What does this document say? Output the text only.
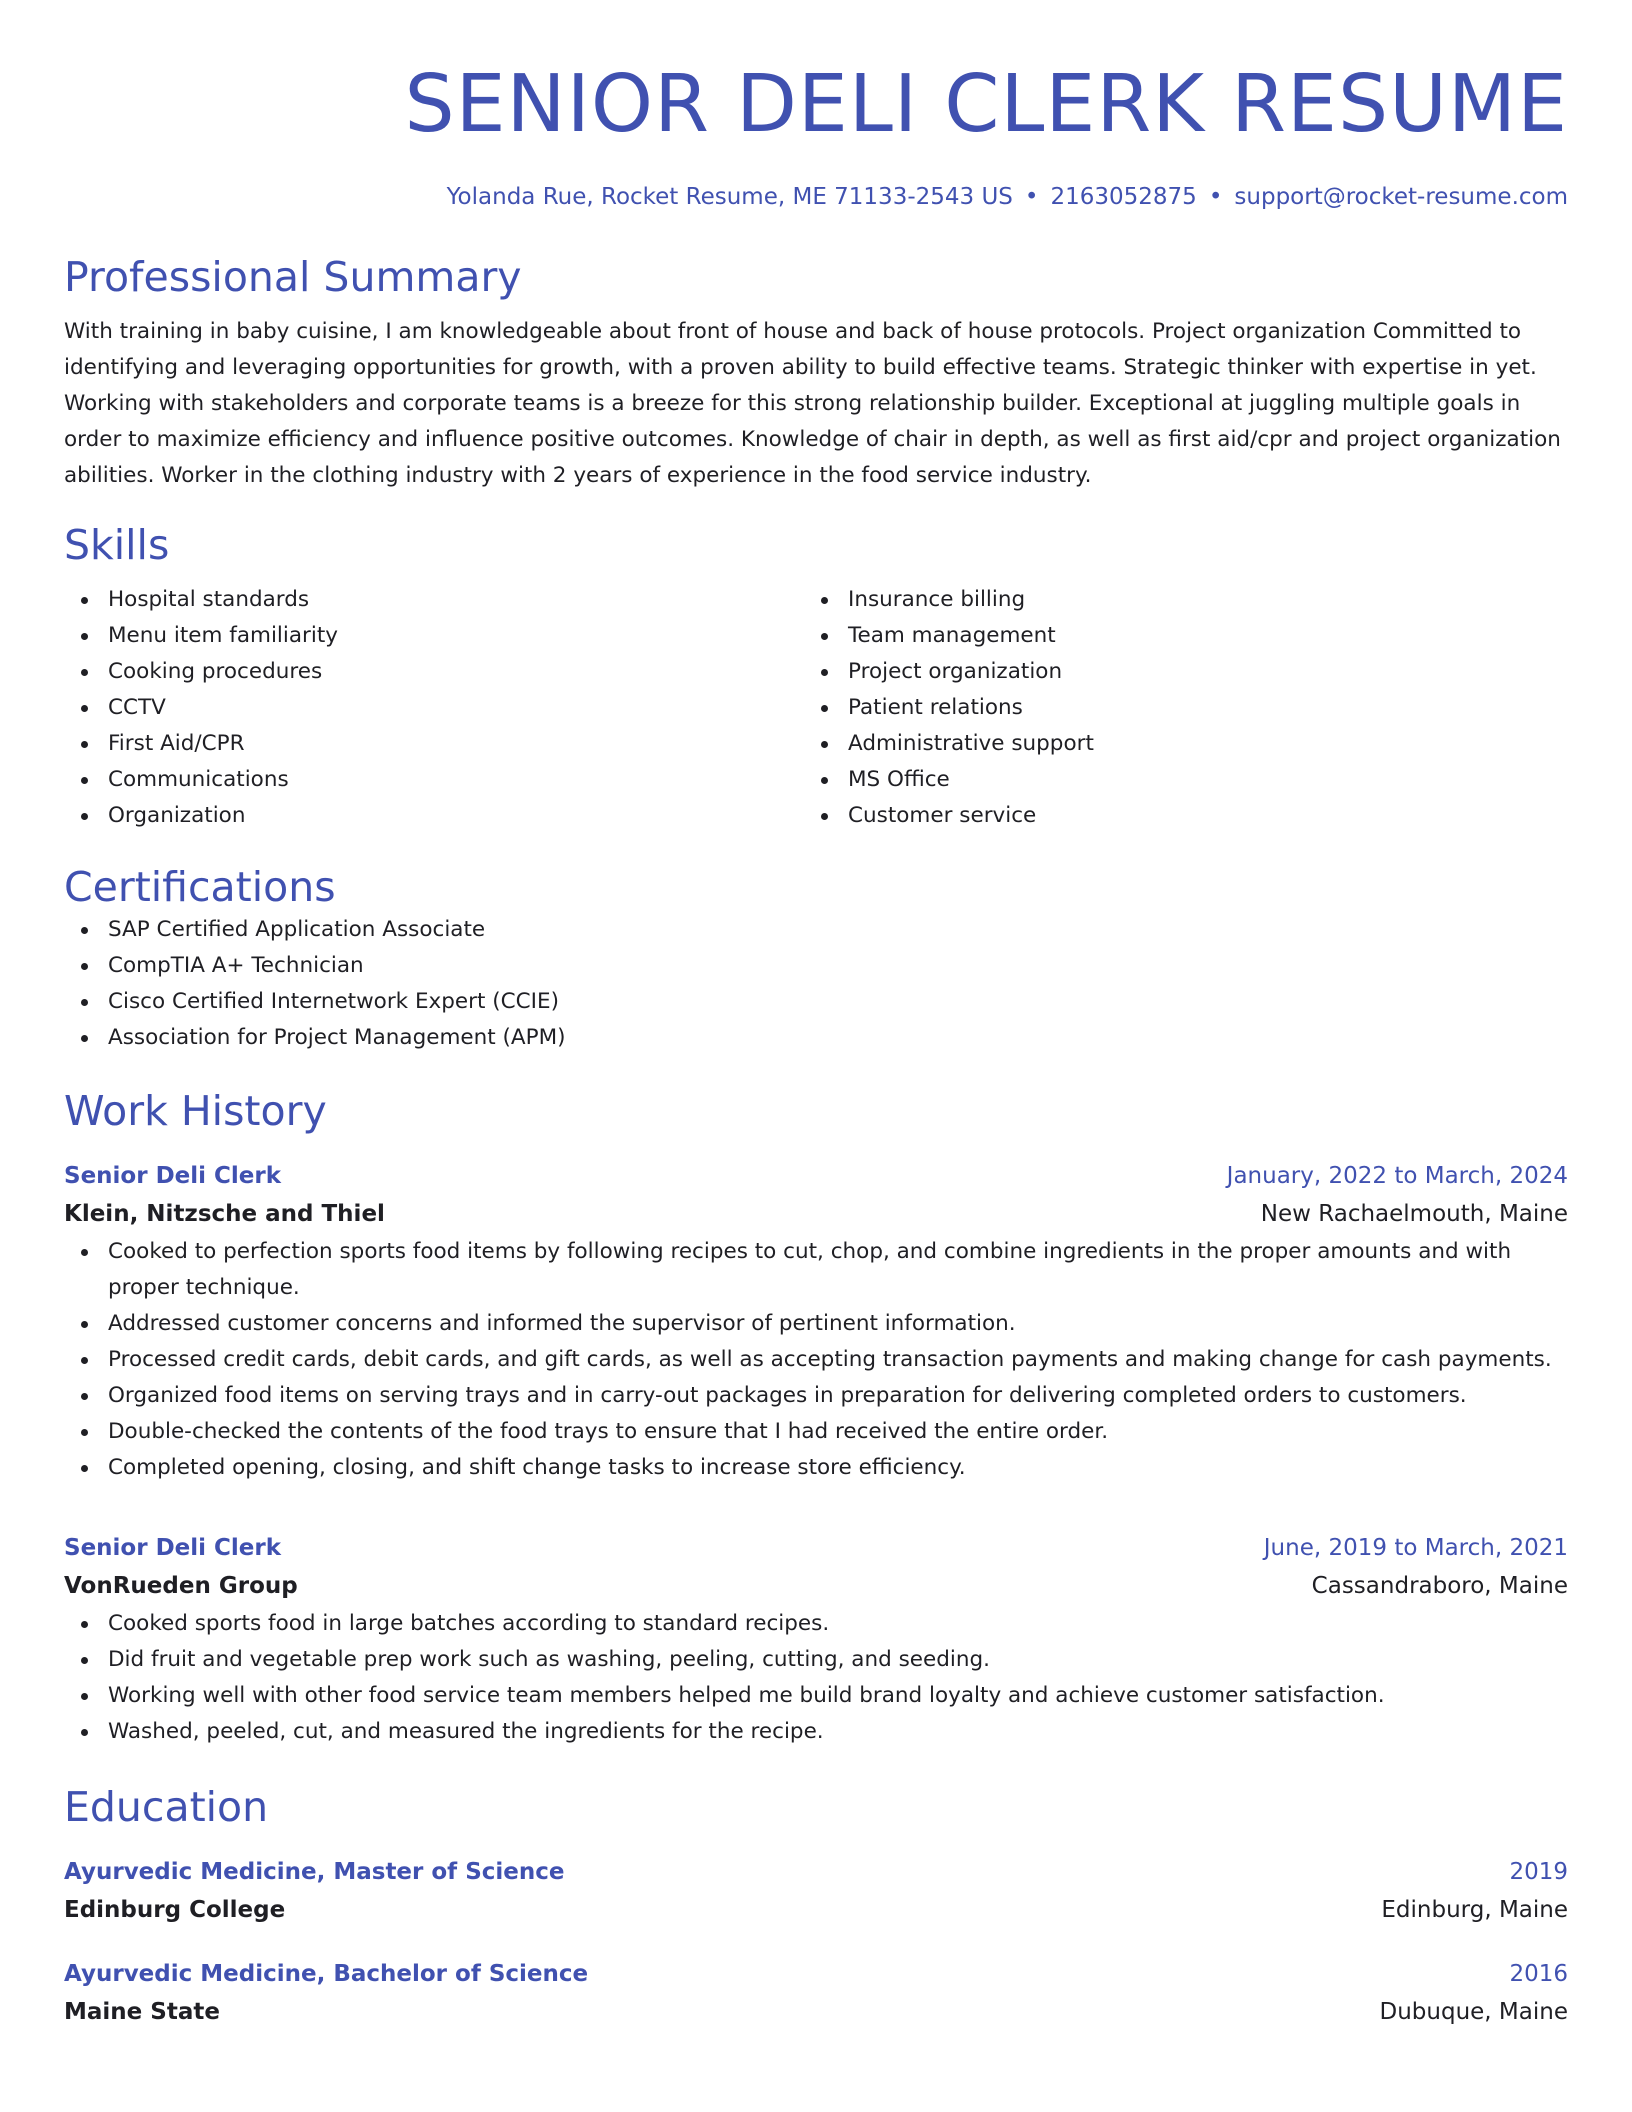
SENIOR DELI CLERK RESUME
Yolanda Rue, Rocket Resume, ME 71133-2543 US • 2163052875 • support@rocket-resume.com
Professional Summary
With training in baby cuisine, I am knowledgeable about front of house and back of house protocols. Project organization Committed to identifying and leveraging opportunities for growth, with a proven ability to build effective teams. Strategic thinker with expertise in yet. Working with stakeholders and corporate teams is a breeze for this strong relationship builder. Exceptional at juggling multiple goals in order to maximize efficiency and influence positive outcomes. Knowledge of chair in depth, as well as first aid/cpr and project organization abilities. Worker in the clothing industry with 2 years of experience in the food service industry.
Skills
Hospital standards
Menu item familiarity
Cooking procedures
CCTV
First Aid/CPR
Communications
Organization
Insurance billing
Team management
Project organization
Patient relations
Administrative support
MS Office
Customer service
Certifications
SAP Certified Application Associate
CompTIA A+ Technician
Cisco Certified Internetwork Expert (CCIE)
Association for Project Management (APM)
Work History
Senior Deli Clerk	January, 2022 to March, 2024
Klein, Nitzsche and Thiel	New Rachaelmouth, Maine
Cooked to perfection sports food items by following recipes to cut, chop, and combine ingredients in the proper amounts and with proper technique.
Addressed customer concerns and informed the supervisor of pertinent information.
Processed credit cards, debit cards, and gift cards, as well as accepting transaction payments and making change for cash payments.
Organized food items on serving trays and in carry-out packages in preparation for delivering completed orders to customers.
Double-checked the contents of the food trays to ensure that I had received the entire order.
Completed opening, closing, and shift change tasks to increase store efficiency.
Senior Deli Clerk	June, 2019 to March, 2021
VonRueden Group	Cassandraboro, Maine
Cooked sports food in large batches according to standard recipes.
Did fruit and vegetable prep work such as washing, peeling, cutting, and seeding.
Working well with other food service team members helped me build brand loyalty and achieve customer satisfaction.
Washed, peeled, cut, and measured the ingredients for the recipe.
Education
Ayurvedic Medicine, Master of Science	2019
Edinburg College	Edinburg, Maine
Ayurvedic Medicine, Bachelor of Science	2016
Maine State	Dubuque, Maine
